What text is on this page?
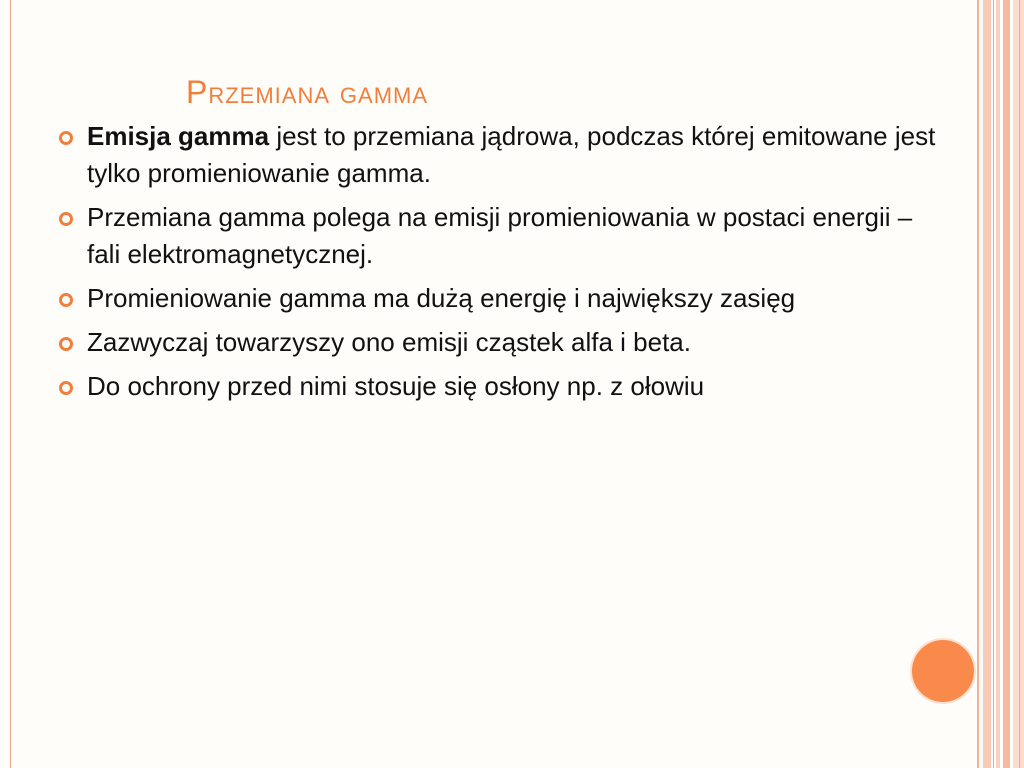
Przemiana gamma
Emisja gamma jest to przemiana jądrowa, podczas której emitowane jest tylko promieniowanie gamma.
Przemiana gamma polega na emisji promieniowania w postaci energii – fali elektromagnetycznej.
Promieniowanie gamma ma dużą energię i największy zasięg
Zazwyczaj towarzyszy ono emisji cząstek alfa i beta.
Do ochrony przed nimi stosuje się osłony np. z ołowiu
